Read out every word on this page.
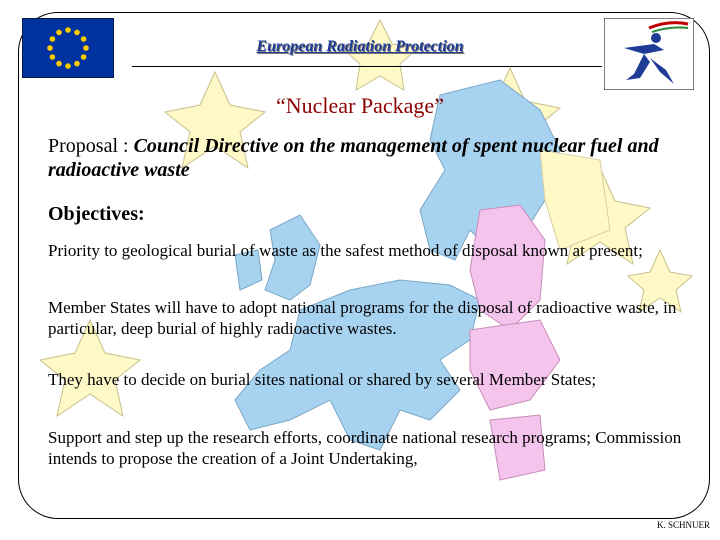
European Radiation Protection
“Nuclear Package”
Proposal : Council Directive on the management of spent nuclear fuel and radioactive waste
Objectives:
Priority to geological burial of waste as the safest method of disposal known at present;
Member States will have to adopt national programs for the disposal of radioactive waste, in particular, deep burial of highly radioactive wastes.
They have to decide on burial sites national or shared by several Member States;
Support and step up the research efforts, coordinate national research programs; Commission intends to propose the creation of a Joint Undertaking,
K. SCHNUER
